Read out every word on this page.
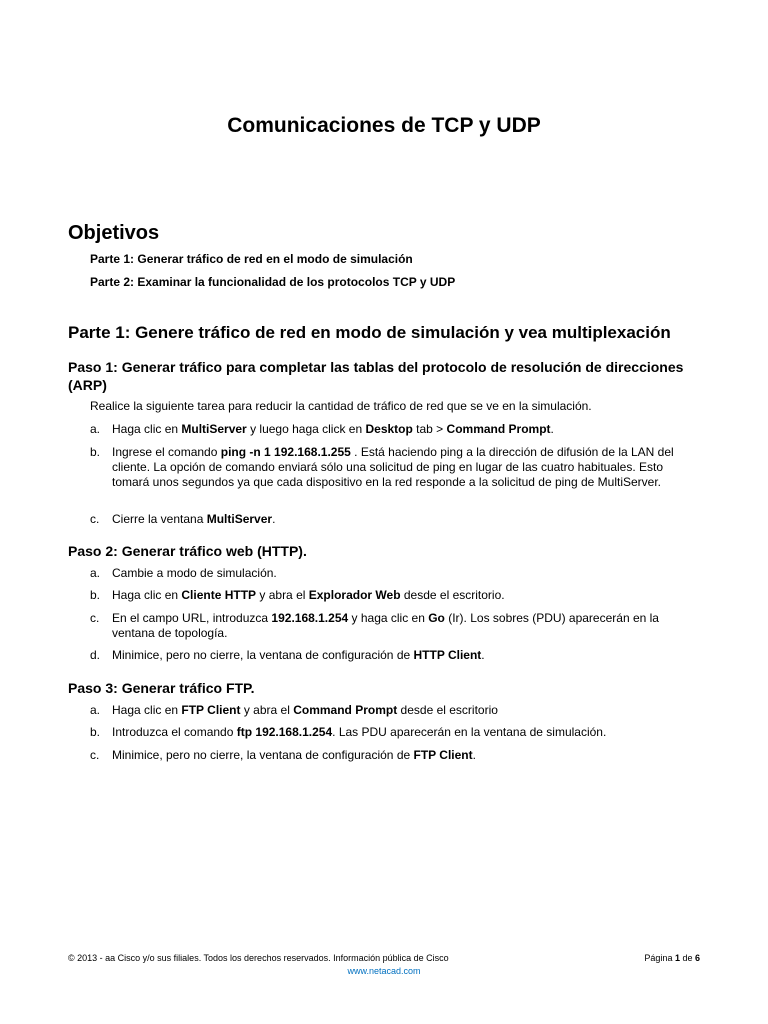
Comunicaciones de TCP y UDP
Objetivos
Parte 1: Generar tráfico de red en el modo de simulación
Parte 2: Examinar la funcionalidad de los protocolos TCP y UDP
Parte 1: Genere tráfico de red en modo de simulación y vea multiplexación
Paso 1: Generar tráfico para completar las tablas del protocolo de resolución de direcciones (ARP)
Realice la siguiente tarea para reducir la cantidad de tráfico de red que se ve en la simulación.
a. Haga clic en MultiServer y luego haga click en Desktop tab > Command Prompt.
b. Ingrese el comando ping -n 1 192.168.1.255 . Está haciendo ping a la dirección de difusión de la LAN del cliente. La opción de comando enviará sólo una solicitud de ping en lugar de las cuatro habituales. Esto tomará unos segundos ya que cada dispositivo en la red responde a la solicitud de ping de MultiServer.
c.	Cierre la ventana MultiServer.
Paso 2: Generar tráfico web (HTTP).
a. Cambie a modo de simulación.
b. Haga clic en Cliente HTTP y abra el Explorador Web desde el escritorio.
c.	En el campo URL, introduzca 192.168.1.254 y haga clic en Go (Ir). Los sobres (PDU) aparecerán en la ventana de topología.
d. Minimice, pero no cierre, la ventana de configuración de HTTP Client.
Paso 3: Generar tráfico FTP.
a. Haga clic en FTP Client y abra el Command Prompt desde el escritorio
b. Introduzca el comando ftp 192.168.1.254. Las PDU aparecerán en la ventana de simulación.
c.	Minimice, pero no cierre, la ventana de configuración de FTP Client.
© 2013 - aa Cisco y/o sus filiales. Todos los derechos reservados. Información pública de Cisco	Página 1 de 6
www.netacad.com
